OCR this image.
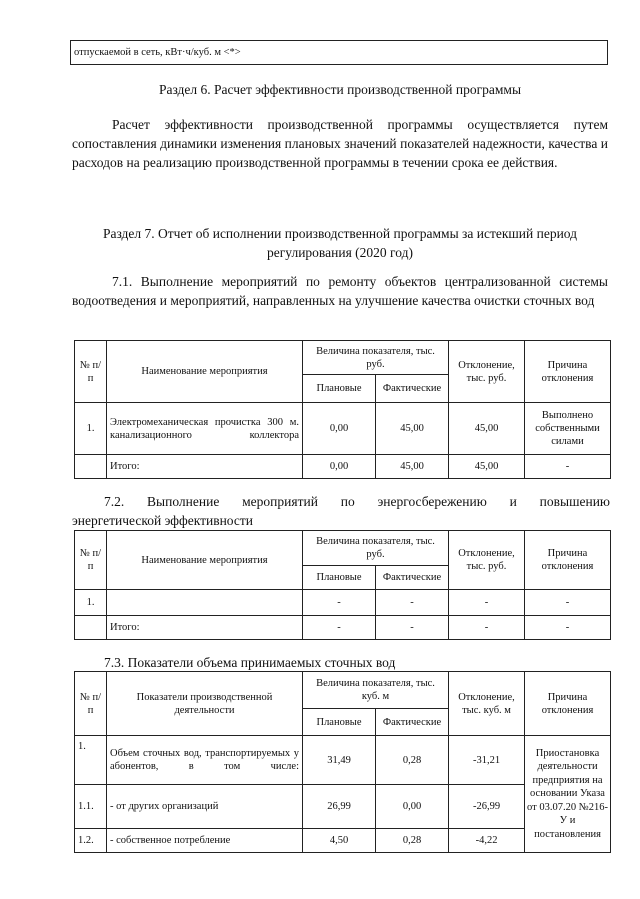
отпускаемой в сеть, кВт·ч/куб. м <*>
Раздел 6. Расчет эффективности производственной программы
Расчет эффективности производственной программы осуществляется путем сопоставления динамики изменения плановых значений показателей надежности, качества и расходов на реализацию производственной программы в течении срока ее действия.
Раздел 7. Отчет об исполнении производственной программы за истекший период
регулирования (2020 год)
7.1. Выполнение мероприятий по ремонту объектов централизованной системы водоотведения и мероприятий, направленных на улучшение качества очистки сточных вод
№ п/п	Наименование мероприятия	Величина показателя, тыс. руб.		Отклонение, тыс. руб.	Причина отклонения
		Плановые	Фактические		
1.	Электромеханическая прочистка 300 м. канализационного коллектора	0,00	45,00	45,00	Выполнено собственными силами
	Итого:	0,00	45,00	45,00	-
7.2. Выполнение мероприятий по энергосбережению и повышению
энергетической эффективности
№ п/п	Наименование мероприятия	Величина показателя, тыс. руб.		Отклонение, тыс. руб.	Причина отклонения
		Плановые	Фактические		
1.		-	-	-	-
	Итого:	-	-	-	-
7.3. Показатели объема принимаемых сточных вод
№ п/п	Показатели производственной деятельности	Величина показателя, тыс. куб. м		Отклонение, тыс. куб. м	Причина отклонения
		Плановые	Фактические		
1.	Объем сточных вод, транспортируемых у абонентов, в том числе:	31,49	0,28	-31,21	Приостановка деятельности предприятия на основании Указа от 03.07.20 №216-У и постановления
1.1.	- от других организаций	26,99	0,00	-26,99	
1.2.	- собственное потребление	4,50	0,28	-4,22	
